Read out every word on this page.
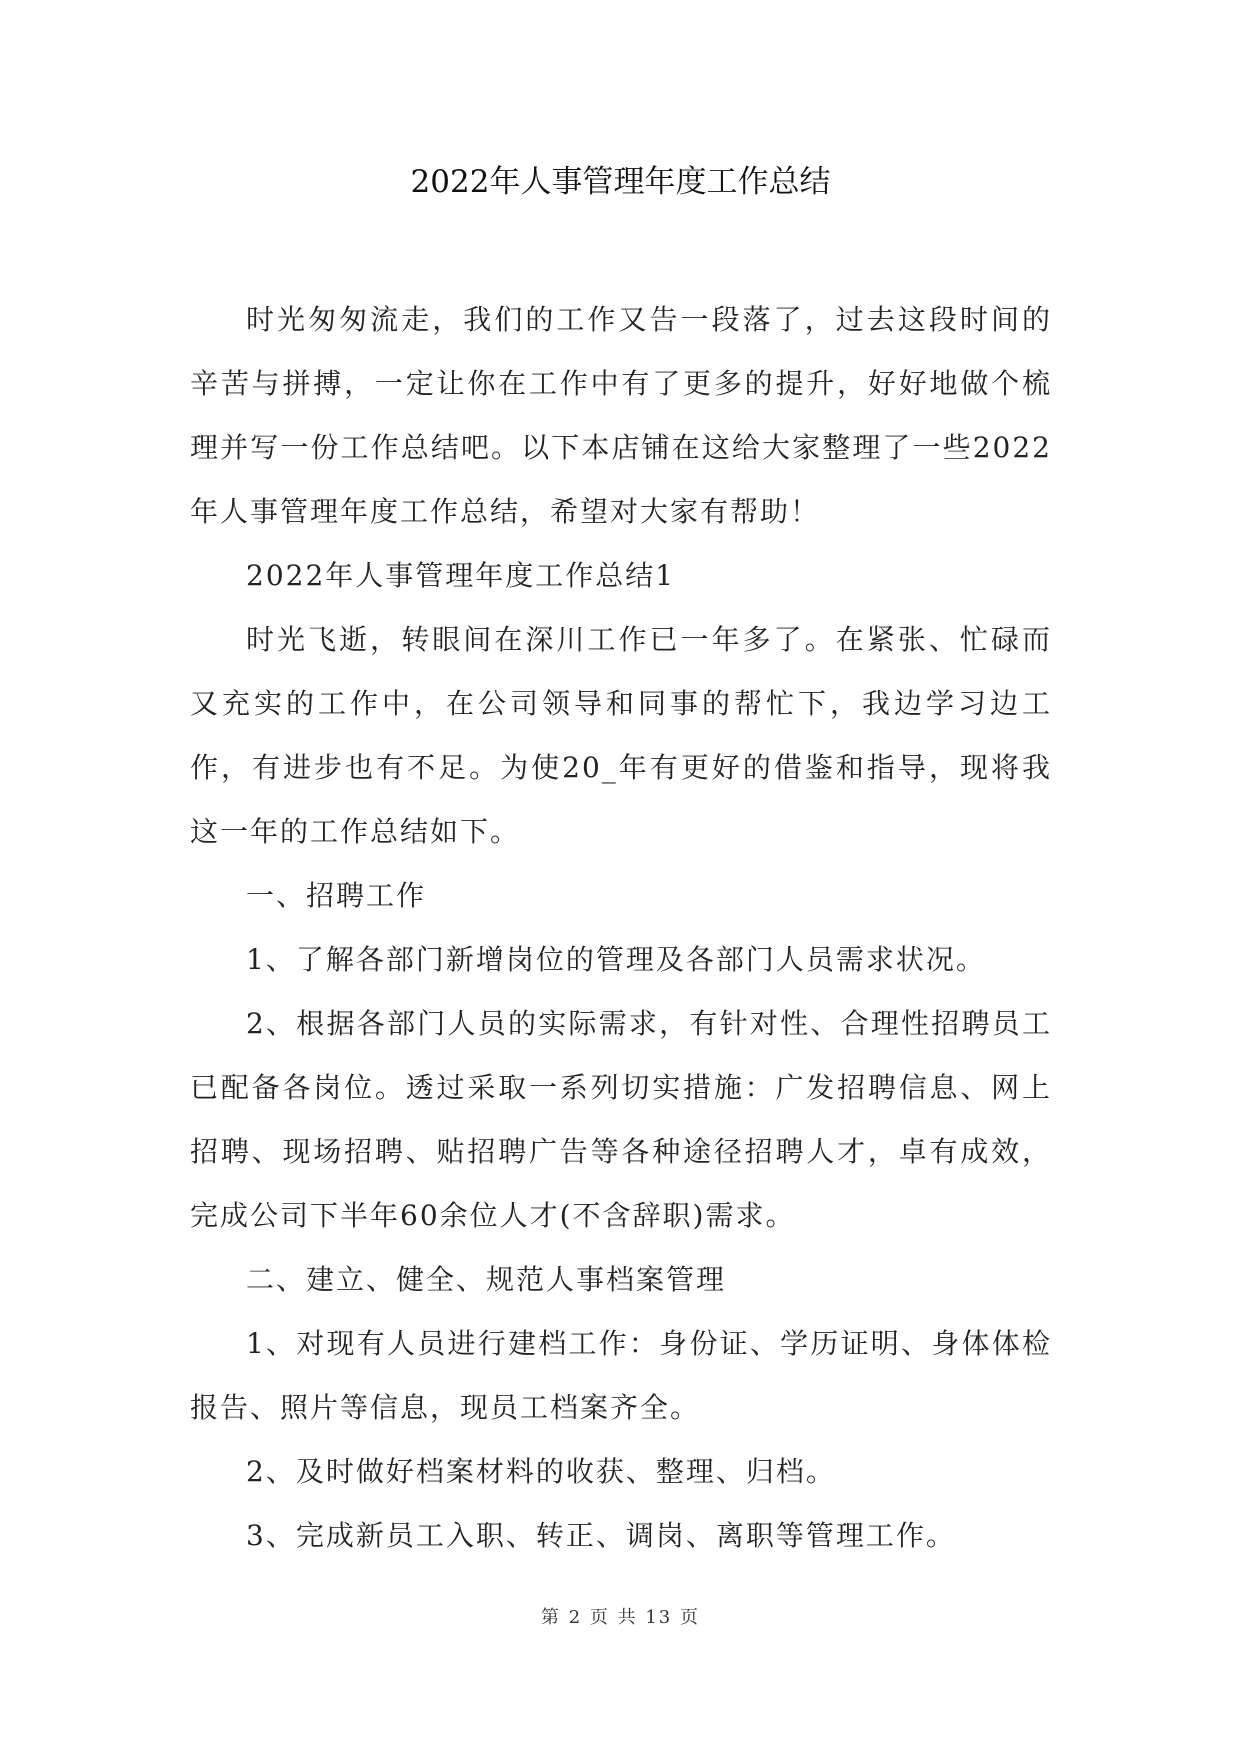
2022年人事管理年度工作总结

时光匆匆流走，我们的工作又告一段落了，过去这段时间的辛苦与拼搏，一定让你在工作中有了更多的提升，好好地做个梳理并写一份工作总结吧。以下本店铺在这给大家整理了一些2022年人事管理年度工作总结，希望对大家有帮助！

2022年人事管理年度工作总结1

时光飞逝，转眼间在深川工作已一年多了。在紧张、忙碌而又充实的工作中，在公司领导和同事的帮忙下，我边学习边工作，有进步也有不足。为使20_年有更好的借鉴和指导，现将我这一年的工作总结如下。

一、招聘工作

1、了解各部门新增岗位的管理及各部门人员需求状况。

2、根据各部门人员的实际需求，有针对性、合理性招聘员工已配备各岗位。透过采取一系列切实措施：广发招聘信息、网上招聘、现场招聘、贴招聘广告等各种途径招聘人才，卓有成效，完成公司下半年60余位人才(不含辞职)需求。

二、建立、健全、规范人事档案管理

1、对现有人员进行建档工作：身份证、学历证明、身体体检报告、照片等信息，现员工档案齐全。

2、及时做好档案材料的收获、整理、归档。

3、完成新员工入职、转正、调岗、离职等管理工作。

第 2 页 共 13 页
